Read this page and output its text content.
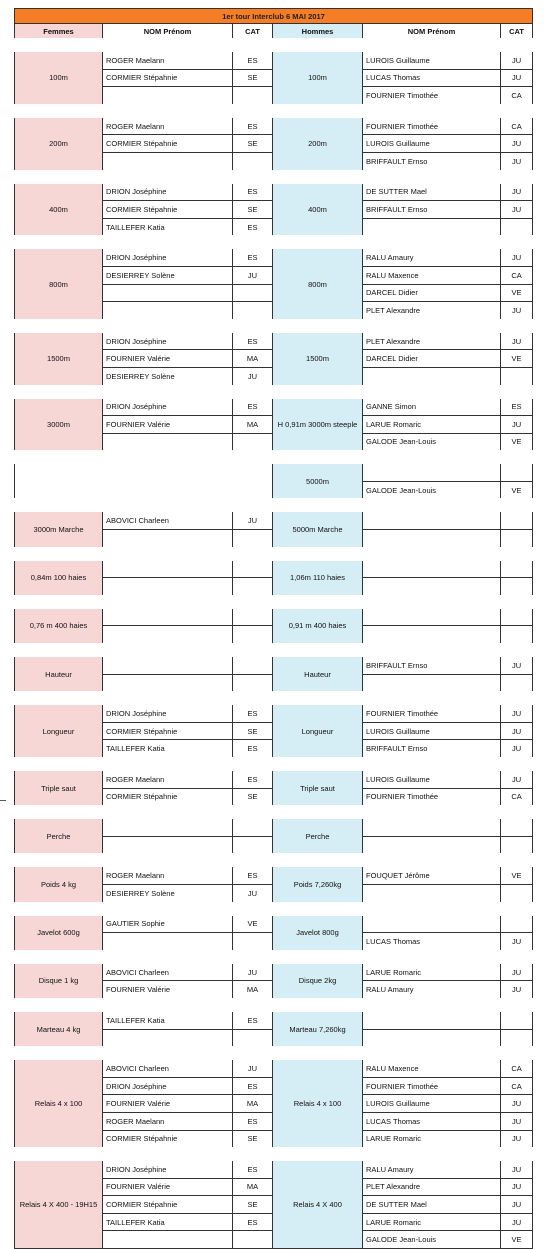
1er tour Interclub 6 MAI 2017					
Femmes	NOM Prénom	CAT	Hommes	NOM Prénom	CAT

100m	ROGER Maelann	ES	100m	LUROIS Guillaume	JU
	CORMIER Stépahnie	SE		LUCAS Thomas	JU
				FOURNIER Timothée	CA

200m	ROGER Maelann	ES	200m	FOURNIER Timothée	CA
	CORMIER Stépahnie	SE		LUROIS Guillaume	JU
				BRIFFAULT Ernso	JU

400m	DRION Joséphine	ES	400m	DE SUTTER Mael	JU
	CORMIER Stépahnie	SE		BRIFFAULT Ernso	JU
	TAILLEFER Katia	ES			

800m	DRION Joséphine	ES	800m	RALU Amaury	JU
	DESIERREY Solène	JU		RALU Maxence	CA
				DARCEL Didier	VE
				PLET Alexandre	JU

1500m	DRION Joséphine	ES	1500m	PLET Alexandre	JU
	FOURNIER Valérie	MA		DARCEL Didier	VE
	DESIERREY Solène	JU			

3000m	DRION Joséphine	ES	H 0,91m 3000m steeple	GANNE Simon	ES
	FOURNIER Valérie	MA		LARUE Romaric	JU
				GALODE Jean-Louis	VE

			5000m		
				GALODE Jean-Louis	VE

3000m Marche	ABOVICI Charleen	JU	5000m Marche		

0,84m 100 haies			1,06m 110 haies		

0,76 m 400 haies			0,91 m 400 haies		

Hauteur			Hauteur	BRIFFAULT Ernso	JU

Longueur	DRION Joséphine	ES	Longueur	FOURNIER Timothée	JU
	CORMIER Stépahnie	SE		LUROIS Guillaume	JU
	TAILLEFER Katia	ES		BRIFFAULT Ernso	JU

Triple saut	ROGER Maelann	ES	Triple saut	LUROIS Guillaume	JU
	CORMIER Stépahnie	SE		FOURNIER Timothée	CA

Perche			Perche		

Poids 4 kg	ROGER Maelann	ES	Poids 7,260kg	FOUQUET Jérôme	VE
	DESIERREY Solène	JU			

Javelot 600g	GAUTIER Sophie	VE	Javelot 800g		
				LUCAS Thomas	JU

Disque 1 kg	ABOVICI Charleen	JU	Disque 2kg	LARUE Romaric	JU
	FOURNIER Valérie	MA		RALU Amaury	JU

Marteau 4 kg	TAILLEFER Katia	ES	Marteau 7,260kg		

Relais 4 x 100	ABOVICI Charleen	JU	Relais 4 x 100	RALU Maxence	CA
	DRION Joséphine	ES		FOURNIER Timothée	CA
	FOURNIER Valérie	MA		LUROIS Guillaume	JU
	ROGER Maelann	ES		LUCAS Thomas	JU
	CORMIER Stépahnie	SE		LARUE Romaric	JU

Relais 4 X 400 - 19H15	DRION Joséphine	ES	Relais 4 X 400	RALU Amaury	JU
	FOURNIER Valérie	MA		PLET Alexandre	JU
	CORMIER Stépahnie	SE		DE SUTTER Mael	JU
	TAILLEFER Katia	ES		LARUE Romaric	JU
				GALODE Jean-Louis	VE
